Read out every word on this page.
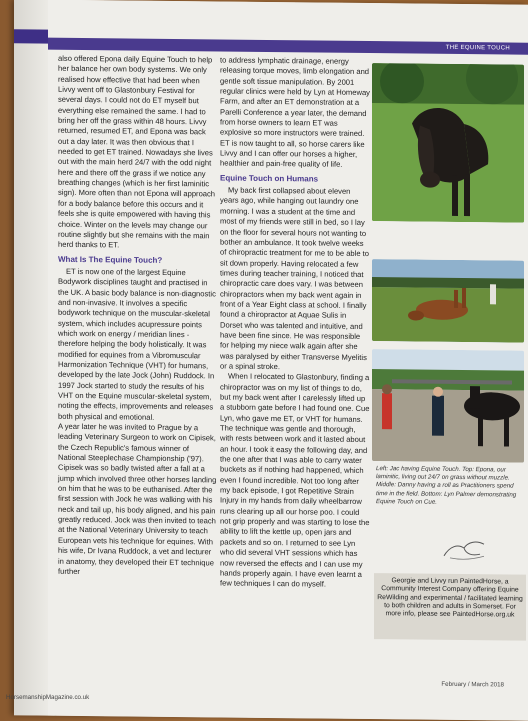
THE EQUINE TOUCH

also offered Epona daily Equine Touch to help her balance her own body systems. We only realised how effective that had been when Livvy went off to Glastonbury Festival for several days. I could not do ET myself but everything else remained the same. I had to bring her off the grass within 48 hours. Livvy returned, resumed ET, and Epona was back out a day later. It was then obvious that I needed to get ET trained. Nowadays she lives out with the main herd 24/7 with the odd night here and there off the grass if we notice any breathing changes (which is her first laminitic sign). More often than not Epona will approach for a body balance before this occurs and it feels she is quite empowered with having this choice. Winter on the levels may change our routine slightly but she remains with the main herd thanks to ET.

What Is The Equine Touch?

ET is now one of the largest Equine Bodywork disciplines taught and practised in the UK. A basic body balance is non-diagnostic and non-invasive. It involves a specific bodywork technique on the muscular-skeletal system, which includes acupressure points which work on energy / meridian lines - therefore helping the body holistically. It was modified for equines from a Vibromuscular Harmonization Technique (VHT) for humans, developed by the late Jock (John) Ruddock. In 1997 Jock started to study the results of his VHT on the Equine muscular-skeletal system, noting the effects, improvements and releases both physical and emotional.

A year later he was invited to Prague by a leading Veterinary Surgeon to work on Cipisek, the Czech Republic's famous winner of National Steeplechase Championship ('97). Cipisek was so badly twisted after a fall at a jump which involved three other horses landing on him that he was to be euthanised. After the first session with Jock he was walking with his neck and tail up, his body aligned, and his pain greatly reduced. Jock was then invited to teach at the National Veterinary University to teach European vets his technique for equines. With his wife, Dr Ivana Ruddock, a vet and lecturer in anatomy, they developed their ET technique further

to address lymphatic drainage, energy releasing torque moves, limb elongation and gentle soft tissue manipulation. By 2001 regular clinics were held by Lyn at Homeway Farm, and after an ET demonstration at a Parelli Conference a year later, the demand from horse owners to learn ET was explosive so more instructors were trained. ET is now taught to all, so horse carers like Livvy and I can offer our horses a higher, healthier and pain-free quality of life.

Equine Touch on Humans

My back first collapsed about eleven years ago, while hanging out laundry one morning. I was a student at the time and most of my friends were still in bed, so I lay on the floor for several hours not wanting to bother an ambulance. It took twelve weeks of chiropractic treatment for me to be able to sit down properly. Having relocated a few times during teacher training, I noticed that chiropractic care does vary. I was between chiropractors when my back went again in front of a Year Eight class at school. I finally found a chiropractor at Aquae Sulis in Dorset who was talented and intuitive, and have been fine since. He was responsible for helping my niece walk again after she was paralysed by either Transverse Myelitis or a spinal stroke.

When I relocated to Glastonbury, finding a chiropractor was on my list of things to do, but my back went after I carelessly lifted up a stubborn gate before I had found one. Cue Lyn, who gave me ET, or VHT for humans. The technique was gentle and thorough, with rests between work and it lasted about an hour. I took it easy the following day, and the one after that I was able to carry water buckets as if nothing had happened, which even I found incredible. Not too long after my back episode, I got Repetitive Strain Injury in my hands from daily wheelbarrow runs clearing up all our horse poo. I could not grip properly and was starting to lose the ability to lift the kettle up, open jars and packets and so on. I returned to see Lyn who did several VHT sessions which has now reversed the effects and I can use my hands properly again. I have even learnt a few techniques I can do myself.

Left: Jac having Equine Touch. Top: Epona, our laminitic, living out 24/7 on grass without muzzle. Middle: Danny having a roll as Practitioners spend time in the field. Bottom: Lyn Palmer demonstrating Equine Touch on Cue.
Georgie and Livvy run PaintedHorse, a Community Interest Company offering Equine ReWilding and experimental / facilitated learning to both children and adults in Somerset. For more info, please see PaintedHorse.org.uk
February / March 2018
HorsemanshipMagazine.co.uk
